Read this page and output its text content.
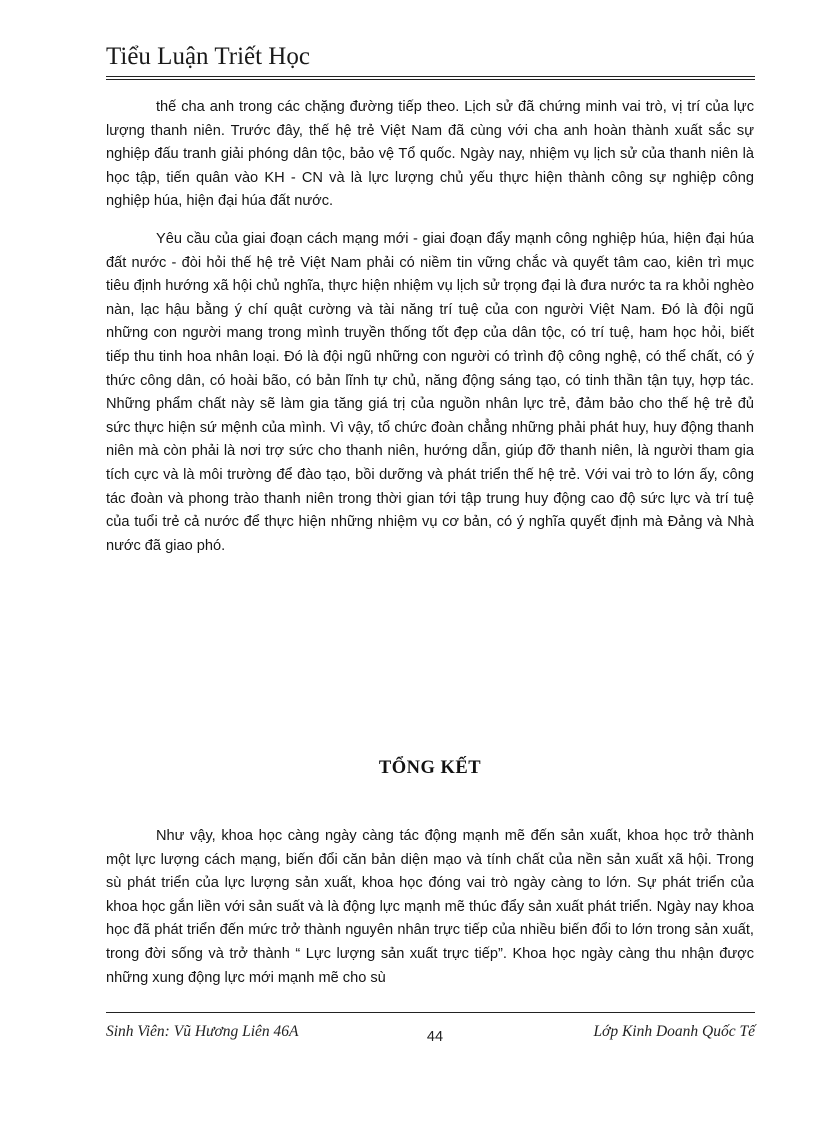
Tiểu Luận Triết Học

thế cha anh trong các chặng đường tiếp theo. Lịch sử đã chứng minh vai trò, vị trí của lực lượng thanh niên. Trước đây, thế hệ trẻ Việt Nam đã cùng với cha anh hoàn thành xuất sắc sự nghiệp đấu tranh giải phóng dân tộc, bảo vệ Tổ quốc. Ngày nay, nhiệm vụ lịch sử của thanh niên là học tập, tiến quân vào KH - CN và là lực lượng chủ yếu thực hiện thành công sự nghiệp công nghiệp húa, hiện đại húa đất nước.

Yêu cầu của giai đoạn cách mạng mới - giai đoạn đẩy mạnh công nghiệp húa, hiện đại húa đất nước - đòi hỏi thế hệ trẻ Việt Nam phải có niềm tin vững chắc và quyết tâm cao, kiên trì mục tiêu định hướng xã hội chủ nghĩa, thực hiện nhiệm vụ lịch sử trọng đại là đưa nước ta ra khỏi nghèo nàn, lạc hậu bằng ý chí quật cường và tài năng trí tuệ của con người Việt Nam. Đó là đội ngũ những con người mang trong mình truyền thống tốt đẹp của dân tộc, có trí tuệ, ham học hỏi, biết tiếp thu tinh hoa nhân loại. Đó là đội ngũ những con người có trình độ công nghệ, có thể chất, có ý thức công dân, có hoài bão, có bản lĩnh tự chủ, năng động sáng tạo, có tinh thần tận tụy, hợp tác. Những phẩm chất này sẽ làm gia tăng giá trị của nguồn nhân lực trẻ, đảm bảo cho thế hệ trẻ đủ sức thực hiện sứ mệnh của mình. Vì vậy, tổ chức đoàn chẳng những phải phát huy, huy động thanh niên mà còn phải là nơi trợ sức cho thanh niên, hướng dẫn, giúp đỡ thanh niên, là người tham gia tích cực và là môi trường để đào tạo, bồi dưỡng và phát triển thế hệ trẻ. Với vai trò to lớn ấy, công tác đoàn và phong trào thanh niên trong thời gian tới tập trung huy động cao độ sức lực và trí tuệ của tuổi trẻ cả nước để thực hiện những nhiệm vụ cơ bản, có ý nghĩa quyết định mà Đảng và Nhà nước đã giao phó.

TỔNG KẾT

Như vậy, khoa học càng ngày càng tác động mạnh mẽ đến sản xuất, khoa học trở thành một lực lượng cách mạng, biến đổi căn bản diện mạo và tính chất của nền sản xuất xã hội. Trong sù phát triển của lực lượng sản xuất, khoa học đóng vai trò ngày càng to lớn. Sự phát triển của khoa học gắn liền với sản suất và là động lực mạnh mẽ thúc đẩy sản xuất phát triển. Ngày nay khoa học đã phát triển đến mức trở thành nguyên nhân trực tiếp của nhiều biến đổi to lớn trong sản xuất, trong đời sống và trở thành “ Lực lượng sản xuất trực tiếp”. Khoa học ngày càng thu nhận được những xung động lực mới mạnh mẽ cho sù

Sinh Viên: Vũ Hương Liên 46A	44	Lớp Kinh Doanh Quốc Tế
